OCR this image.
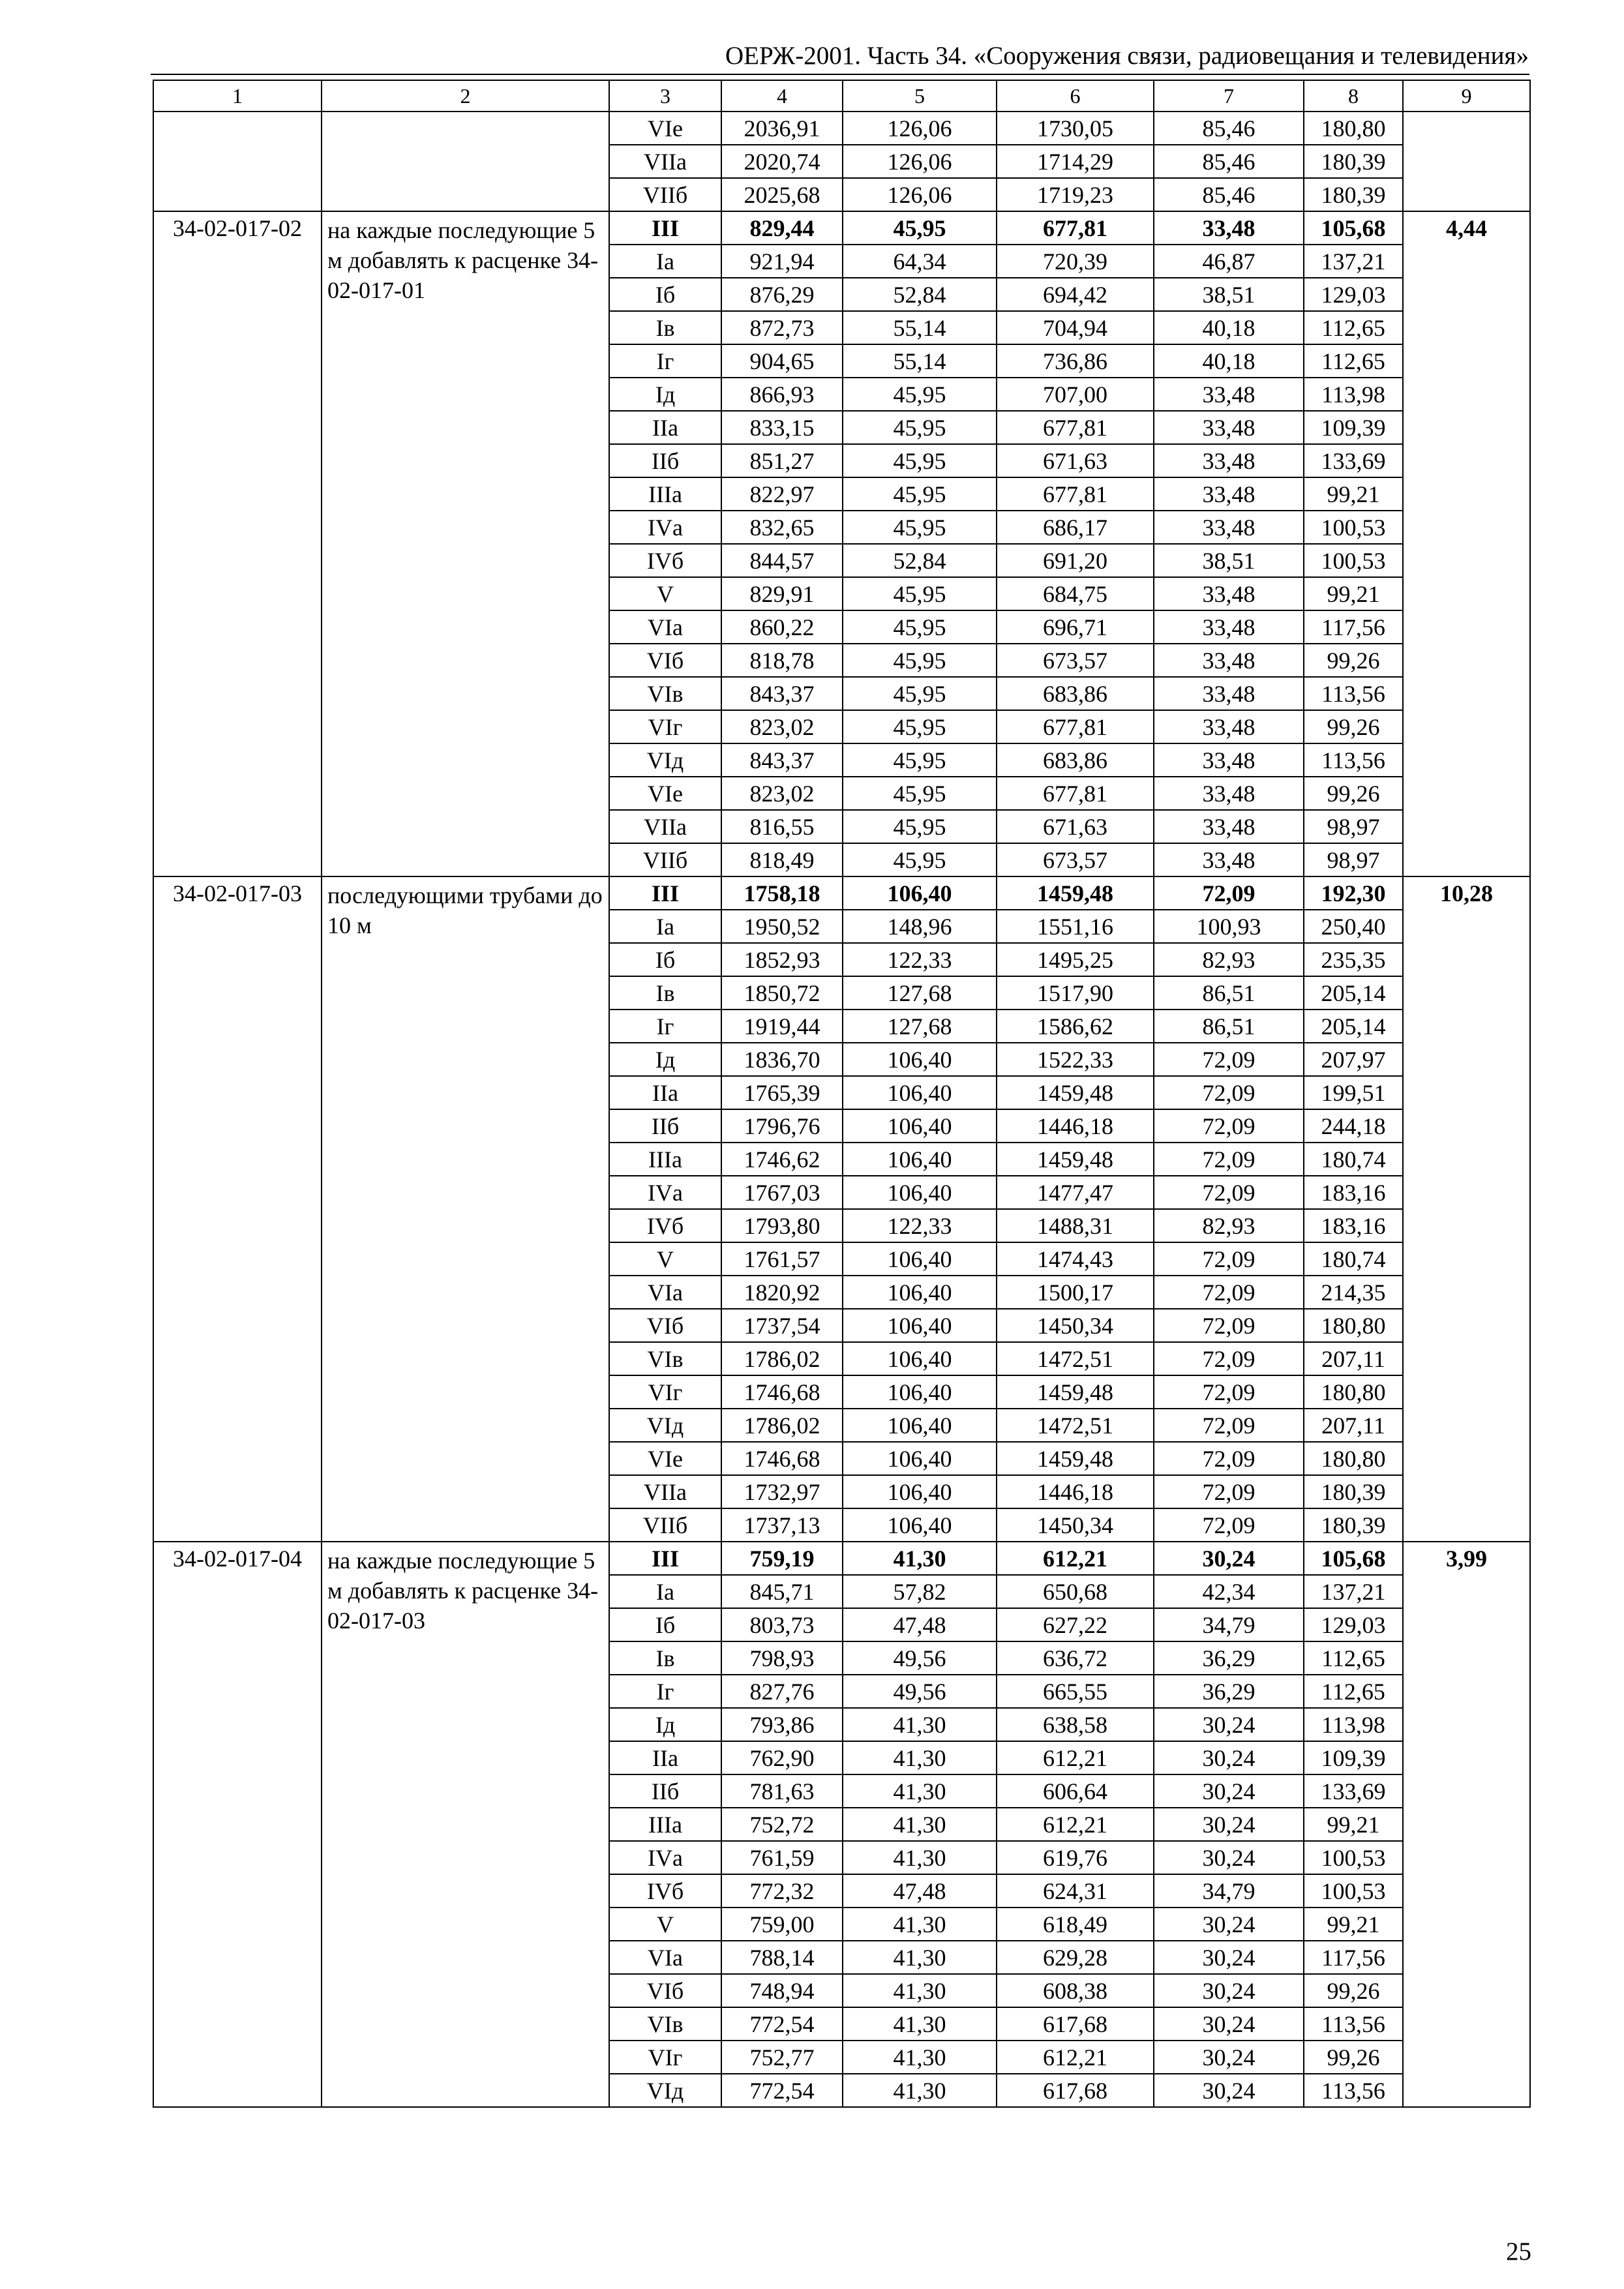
ОЕРЖ-2001. Часть 34. «Сооружения связи, радиовещания и телевидения»
1	2	3	4	5	6	7	8	9
		VIе	2036,91	126,06	1730,05	85,46	180,80	
		VIIа	2020,74	126,06	1714,29	85,46	180,39	
		VIIб	2025,68	126,06	1719,23	85,46	180,39	
34-02-017-02	на каждые последующие 5 м добавлять к расценке 34-02-017-01	III	829,44	45,95	677,81	33,48	105,68	4,44
		Iа	921,94	64,34	720,39	46,87	137,21	
		Iб	876,29	52,84	694,42	38,51	129,03	
		Iв	872,73	55,14	704,94	40,18	112,65	
		Iг	904,65	55,14	736,86	40,18	112,65	
		Iд	866,93	45,95	707,00	33,48	113,98	
		IIа	833,15	45,95	677,81	33,48	109,39	
		IIб	851,27	45,95	671,63	33,48	133,69	
		IIIа	822,97	45,95	677,81	33,48	99,21	
		IVа	832,65	45,95	686,17	33,48	100,53	
		IVб	844,57	52,84	691,20	38,51	100,53	
		V	829,91	45,95	684,75	33,48	99,21	
		VIа	860,22	45,95	696,71	33,48	117,56	
		VIб	818,78	45,95	673,57	33,48	99,26	
		VIв	843,37	45,95	683,86	33,48	113,56	
		VIг	823,02	45,95	677,81	33,48	99,26	
		VIд	843,37	45,95	683,86	33,48	113,56	
		VIе	823,02	45,95	677,81	33,48	99,26	
		VIIа	816,55	45,95	671,63	33,48	98,97	
		VIIб	818,49	45,95	673,57	33,48	98,97	
34-02-017-03	последующими трубами до 10 м	III	1758,18	106,40	1459,48	72,09	192,30	10,28
		Iа	1950,52	148,96	1551,16	100,93	250,40	
		Iб	1852,93	122,33	1495,25	82,93	235,35	
		Iв	1850,72	127,68	1517,90	86,51	205,14	
		Iг	1919,44	127,68	1586,62	86,51	205,14	
		Iд	1836,70	106,40	1522,33	72,09	207,97	
		IIа	1765,39	106,40	1459,48	72,09	199,51	
		IIб	1796,76	106,40	1446,18	72,09	244,18	
		IIIа	1746,62	106,40	1459,48	72,09	180,74	
		IVа	1767,03	106,40	1477,47	72,09	183,16	
		IVб	1793,80	122,33	1488,31	82,93	183,16	
		V	1761,57	106,40	1474,43	72,09	180,74	
		VIа	1820,92	106,40	1500,17	72,09	214,35	
		VIб	1737,54	106,40	1450,34	72,09	180,80	
		VIв	1786,02	106,40	1472,51	72,09	207,11	
		VIг	1746,68	106,40	1459,48	72,09	180,80	
		VIд	1786,02	106,40	1472,51	72,09	207,11	
		VIе	1746,68	106,40	1459,48	72,09	180,80	
		VIIа	1732,97	106,40	1446,18	72,09	180,39	
		VIIб	1737,13	106,40	1450,34	72,09	180,39	
34-02-017-04	на каждые последующие 5 м добавлять к расценке 34-02-017-03	III	759,19	41,30	612,21	30,24	105,68	3,99
		Iа	845,71	57,82	650,68	42,34	137,21	
		Iб	803,73	47,48	627,22	34,79	129,03	
		Iв	798,93	49,56	636,72	36,29	112,65	
		Iг	827,76	49,56	665,55	36,29	112,65	
		Iд	793,86	41,30	638,58	30,24	113,98	
		IIа	762,90	41,30	612,21	30,24	109,39	
		IIб	781,63	41,30	606,64	30,24	133,69	
		IIIа	752,72	41,30	612,21	30,24	99,21	
		IVа	761,59	41,30	619,76	30,24	100,53	
		IVб	772,32	47,48	624,31	34,79	100,53	
		V	759,00	41,30	618,49	30,24	99,21	
		VIа	788,14	41,30	629,28	30,24	117,56	
		VIб	748,94	41,30	608,38	30,24	99,26	
		VIв	772,54	41,30	617,68	30,24	113,56	
		VIг	752,77	41,30	612,21	30,24	99,26	
		VIд	772,54	41,30	617,68	30,24	113,56	
25
